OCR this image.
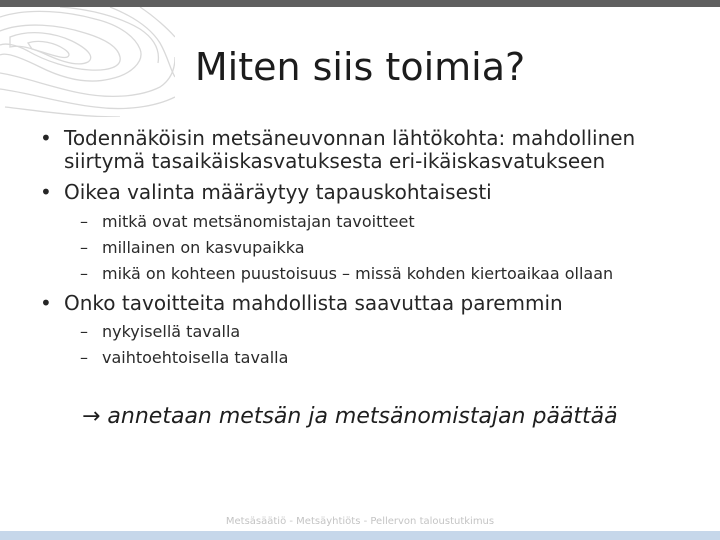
Miten siis toimia?
• Todennäköisin metsäneuvonnan lähtökohta: mahdollinen
siirtymä tasaikäiskasvatuksesta eri-ikäiskasvatukseen
• Oikea valinta määräytyy tapauskohtaisesti
– mitkä ovat metsänomistajan tavoitteet
– millainen on kasvupaikka
– mikä on kohteen puustoisuus – missä kohden kiertoaikaa ollaan
• Onko tavoitteita mahdollista saavuttaa paremmin
– nykyisellä tavalla
– vaihtoehtoisella tavalla
→ annetaan metsän ja metsänomistajan päättää
Metsäsäätiö - Metsäyhtiöts - Pellervon taloustutkimus
